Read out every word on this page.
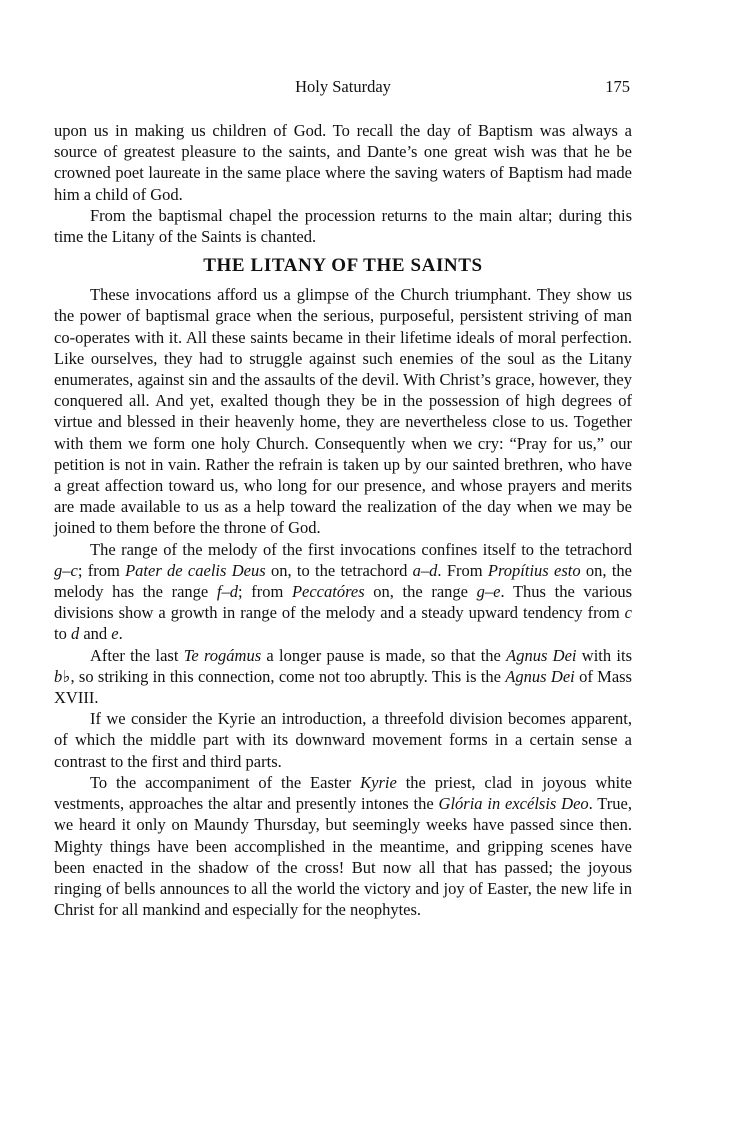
Holy Saturday	175

upon us in making us children of God. To recall the day of Baptism was always a source of greatest pleasure to the saints, and Dante’s one great wish was that he be crowned poet laureate in the same place where the saving waters of Baptism had made him a child of God.

From the baptismal chapel the procession returns to the main altar; during this time the Litany of the Saints is chanted.

THE LITANY OF THE SAINTS

These invocations afford us a glimpse of the Church triumphant. They show us the power of baptismal grace when the serious, purposeful, persistent striving of man co-operates with it. All these saints became in their lifetime ideals of moral perfection. Like ourselves, they had to struggle against such enemies of the soul as the Litany enumerates, against sin and the assaults of the devil. With Christ’s grace, however, they conquered all. And yet, exalted though they be in the possession of high degrees of virtue and blessed in their heavenly home, they are nevertheless close to us. Together with them we form one holy Church. Consequently when we cry: “Pray for us,” our petition is not in vain. Rather the refrain is taken up by our sainted brethren, who have a great affection toward us, who long for our presence, and whose prayers and merits are made available to us as a help toward the realization of the day when we may be joined to them before the throne of God.

The range of the melody of the first invocations confines itself to the tetrachord g–c; from Pater de caelis Deus on, to the tetrachord a–d. From Propítius esto on, the melody has the range f–d; from Peccatóres on, the range g–e. Thus the various divisions show a growth in range of the melody and a steady upward tendency from c to d and e.

After the last Te rogámus a longer pause is made, so that the Agnus Dei with its b♭, so striking in this connection, come not too abruptly. This is the Agnus Dei of Mass XVIII.

If we consider the Kyrie an introduction, a threefold division becomes apparent, of which the middle part with its downward movement forms in a certain sense a contrast to the first and third parts.

To the accompaniment of the Easter Kyrie the priest, clad in joyous white vestments, approaches the altar and presently intones the Glória in excélsis Deo. True, we heard it only on Maundy Thursday, but seemingly weeks have passed since then. Mighty things have been accomplished in the meantime, and gripping scenes have been enacted in the shadow of the cross! But now all that has passed; the joyous ringing of bells announces to all the world the victory and joy of Easter, the new life in Christ for all mankind and especially for the neophytes.
